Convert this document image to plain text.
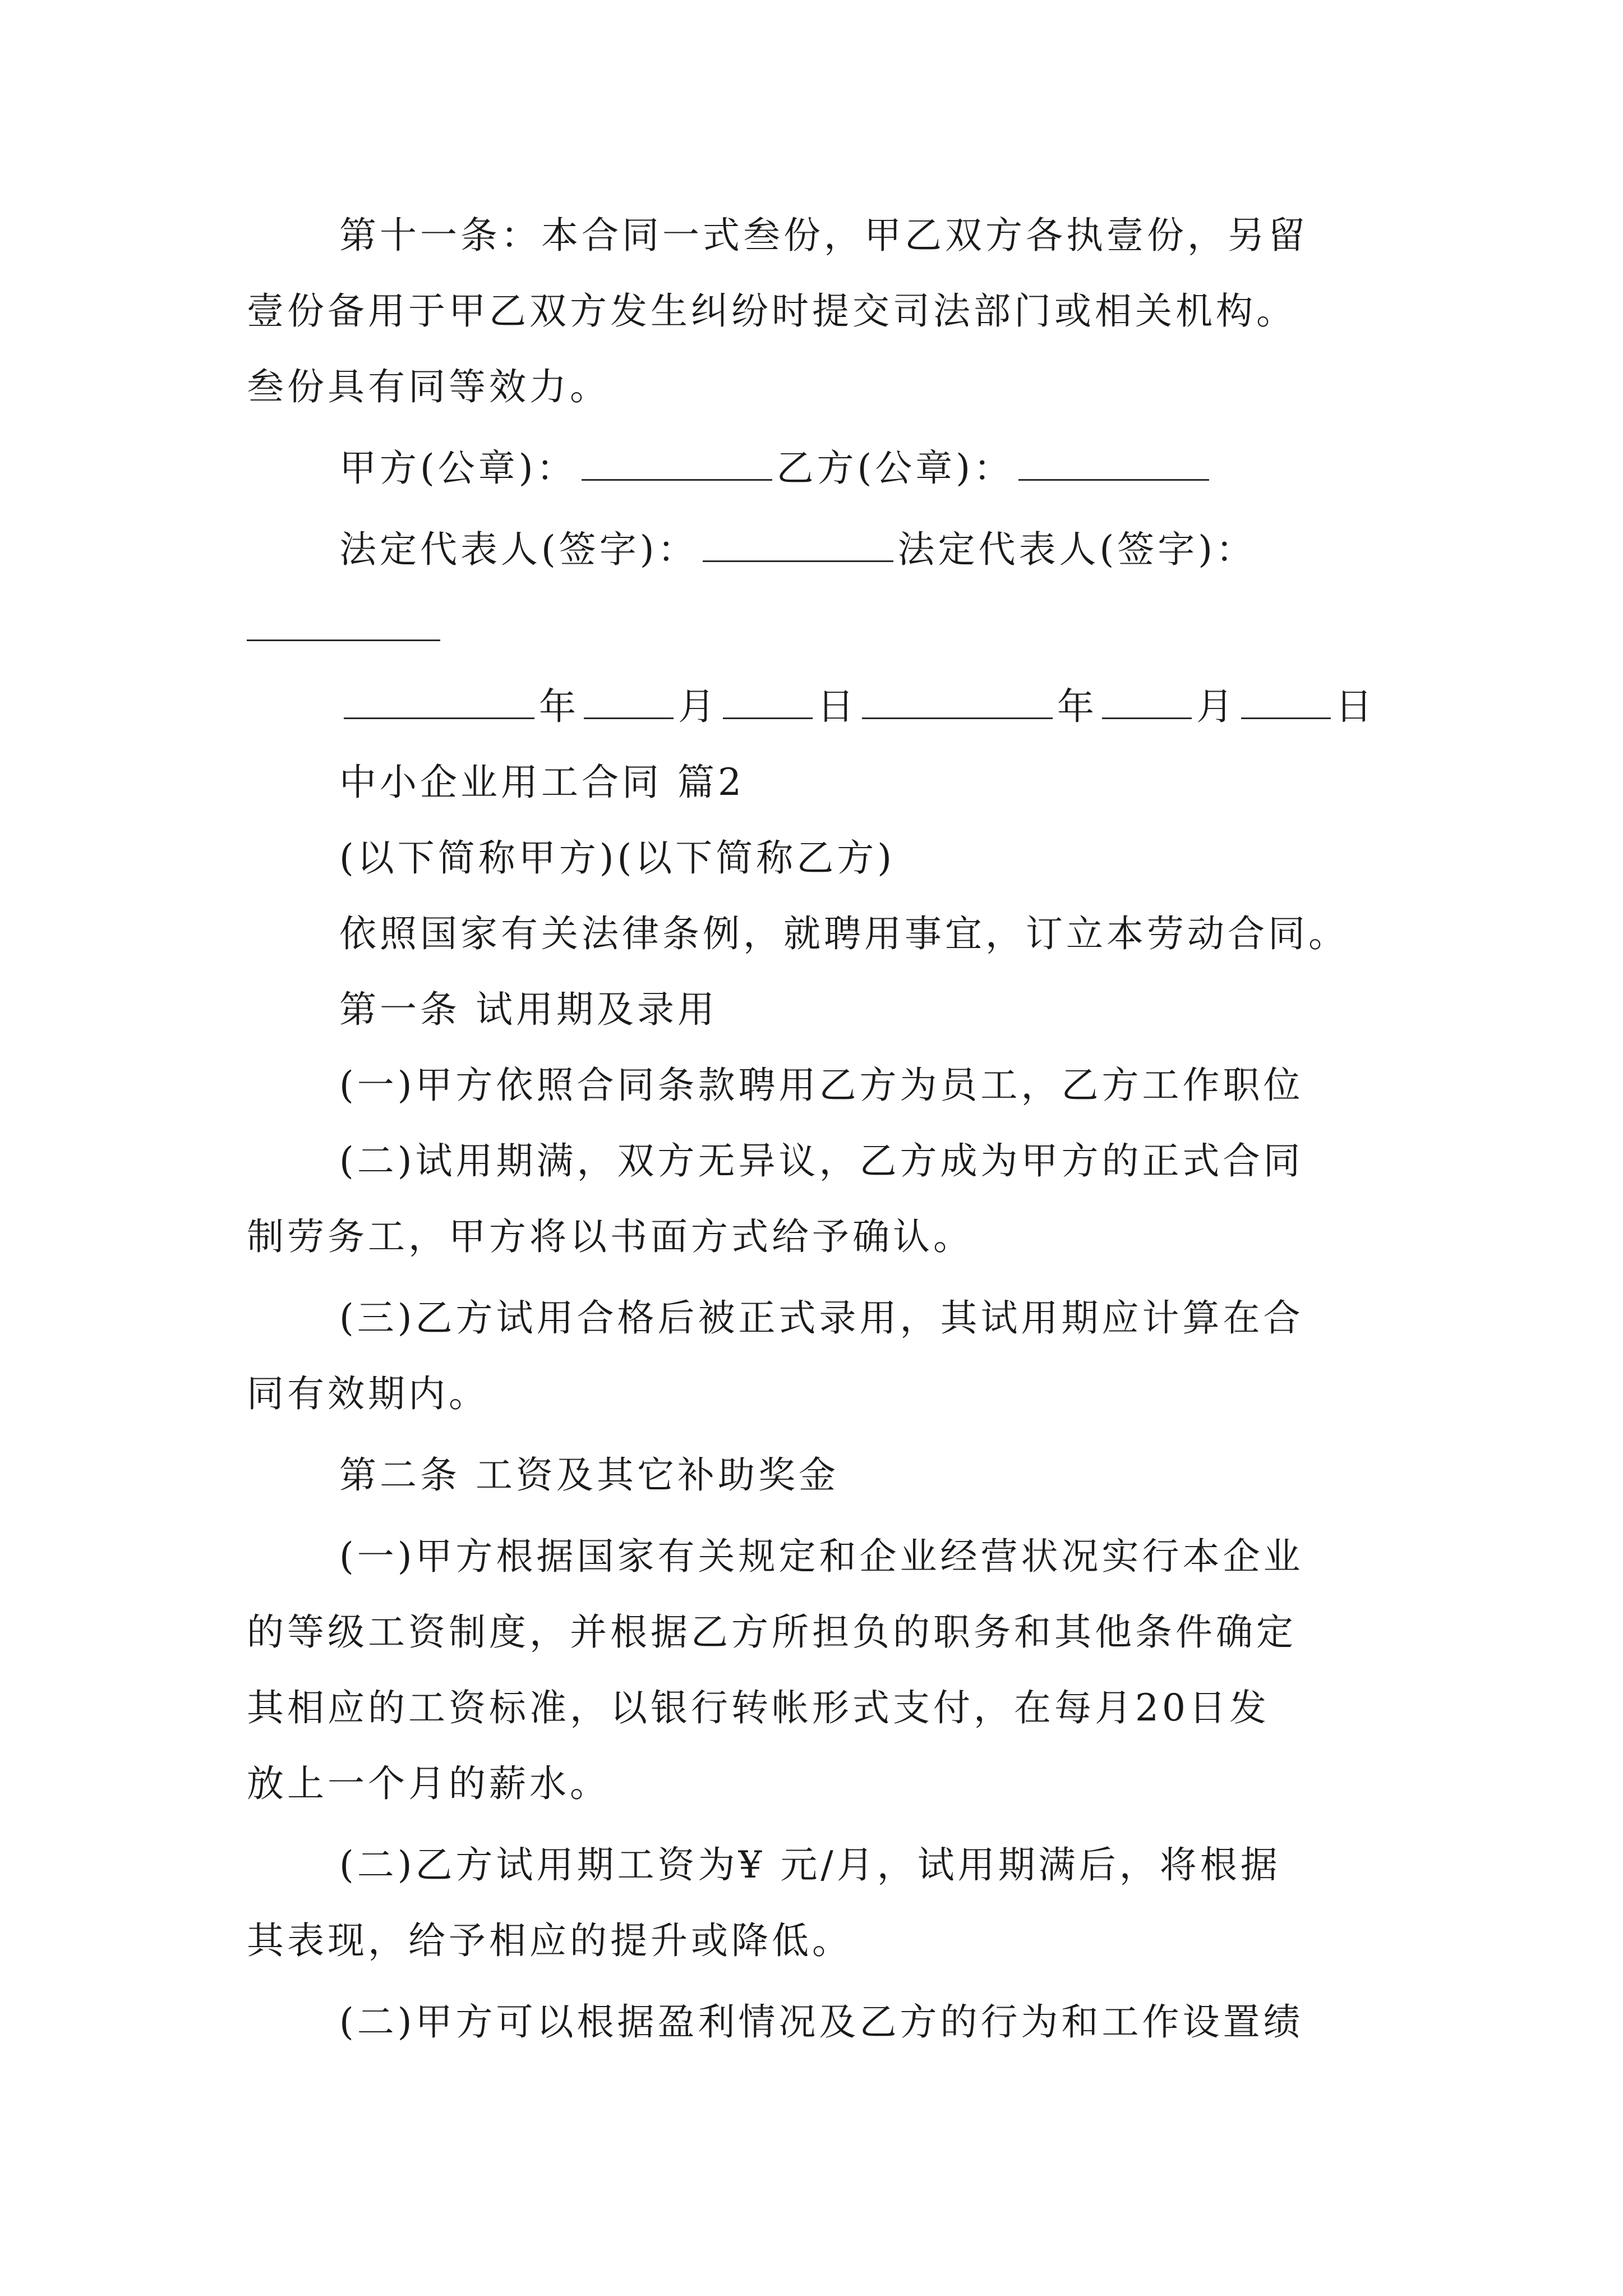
第十一条：本合同一式叁份，甲乙双方各执壹份，另留
壹份备用于甲乙双方发生纠纷时提交司法部门或相关机构。
叁份具有同等效力。
甲方(公章)：	乙方(公章)：
法定代表人(签字)：	法定代表人(签字)：
年	月	日	年	月	日
中小企业用工合同 篇2
(以下简称甲方)(以下简称乙方)
依照国家有关法律条例，就聘用事宜，订立本劳动合同。
第一条 试用期及录用
(一)甲方依照合同条款聘用乙方为员工，乙方工作职位
(二)试用期满，双方无异议，乙方成为甲方的正式合同
制劳务工，甲方将以书面方式给予确认。
(三)乙方试用合格后被正式录用，其试用期应计算在合
同有效期内。
第二条 工资及其它补助奖金
(一)甲方根据国家有关规定和企业经营状况实行本企业
的等级工资制度，并根据乙方所担负的职务和其他条件确定
其相应的工资标准，以银行转帐形式支付，在每月20日发
放上一个月的薪水。
(二)乙方试用期工资为¥ 元/月，试用期满后，将根据
其表现，给予相应的提升或降低。
(二)甲方可以根据盈利情况及乙方的行为和工作设置绩
